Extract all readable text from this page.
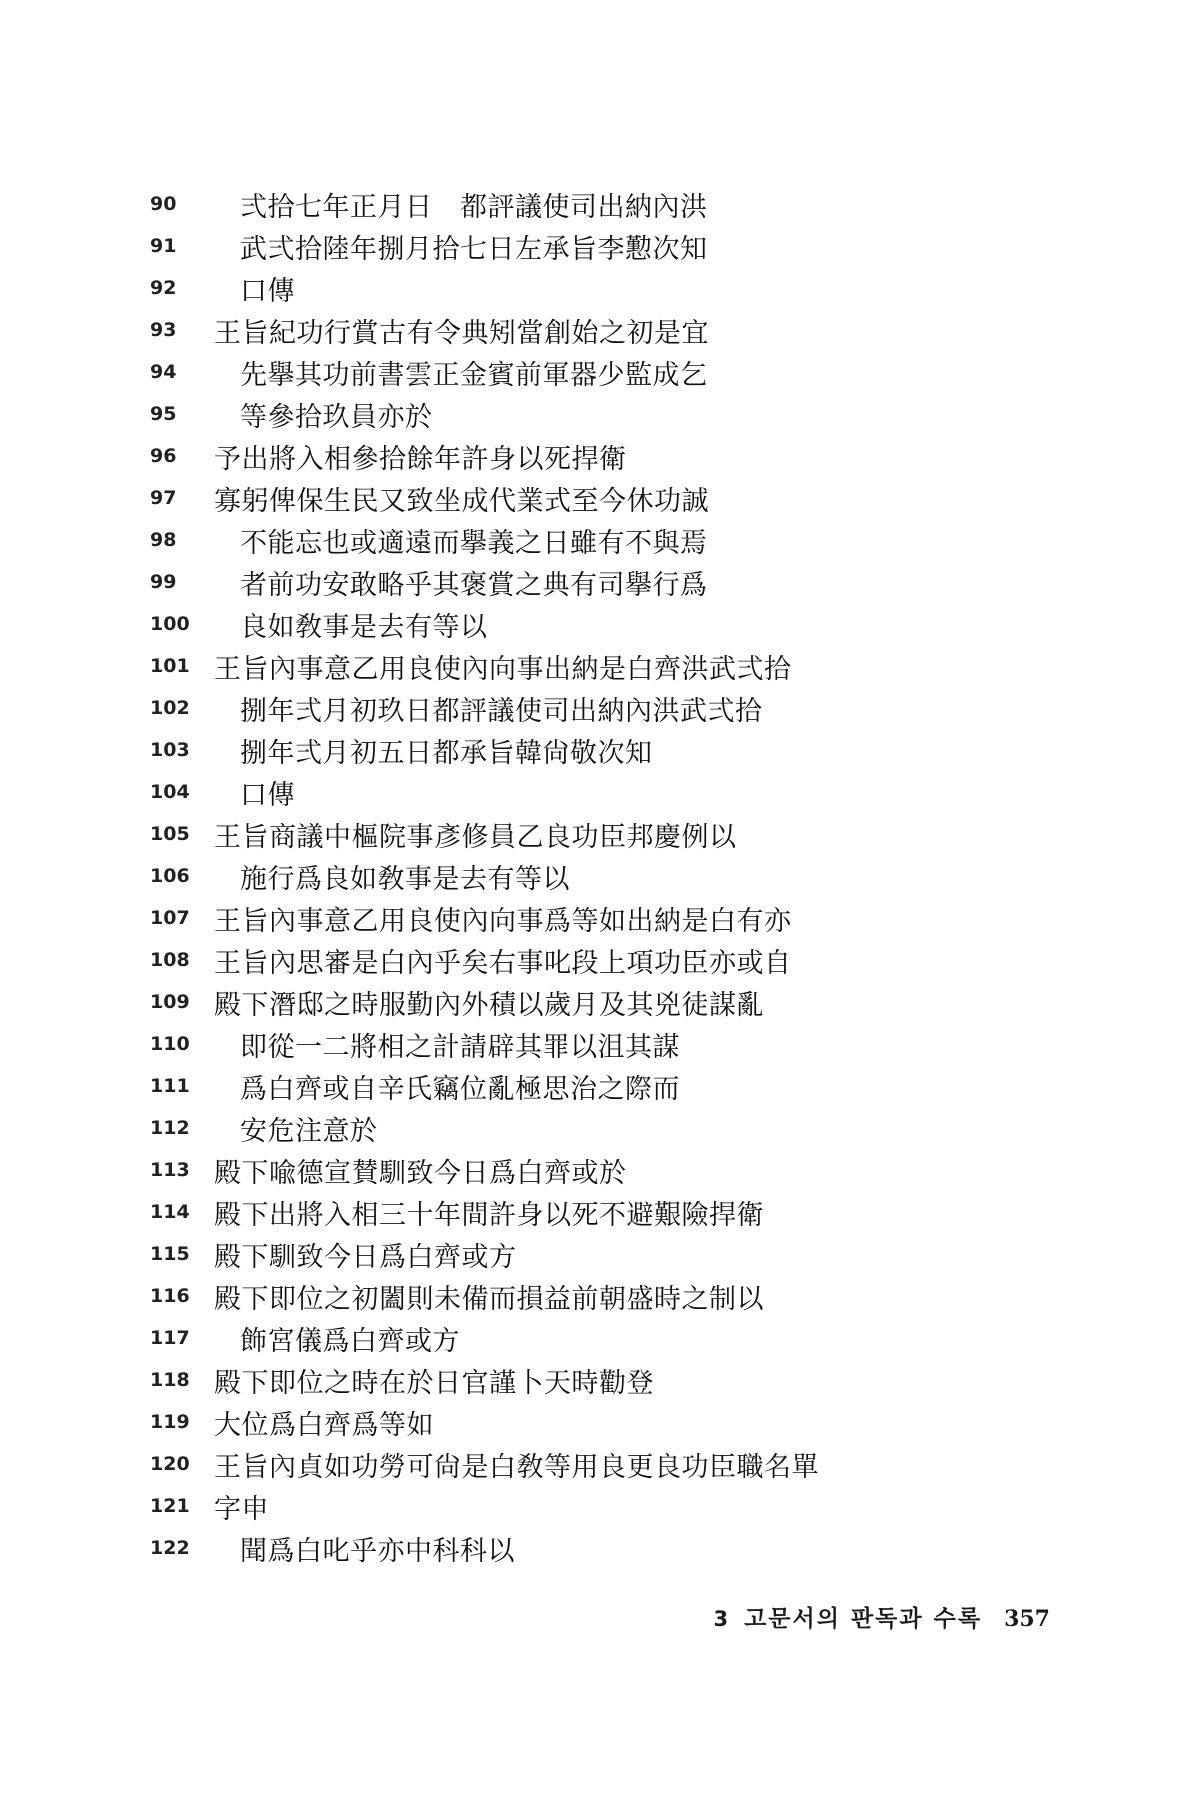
90	弍拾七年正月日　都評議使司出納內洪
91	武弍拾陸年捌月拾七日左承旨李懃次知
92	口傳
93	王旨紀功行賞古有令典矧當創始之初是宜
94	先擧其功前書雲正金賓前軍器少監成乞
95	等參拾玖員亦於
96	予出將入相參拾餘年許身以死捍衛
97	寡躬俾保生民又致坐成代業式至今休功誠
98	不能忘也或適遠而擧義之日雖有不與焉
99	者前功安敢略乎其褒賞之典有司擧行爲
100	良如敎事是去有等以
101 王旨內事意乙用良使內向事出納是白齊洪武弍拾
102	捌年弍月初玖日都評議使司出納內洪武弍拾
103	捌年弍月初五日都承旨韓尙敬次知
104	口傳
105 王旨商議中樞院事彥修員乙良功臣邦慶例以
106	施行爲良如敎事是去有等以
107 王旨內事意乙用良使內向事爲等如出納是白有亦
108 王旨內思審是白內乎矣右事叱段上項功臣亦或自
109 殿下潛邸之時服勤內外積以歲月及其兇徒謀亂
110	即從一二將相之計請辟其罪以沮其謀
111	爲白齊或自辛氏竊位亂極思治之際而
112	安危注意於
113 殿下喩德宣賛馴致今日爲白齊或於
114 殿下出將入相三十年間許身以死不避艱險捍衛
115 殿下馴致今日爲白齊或方
116 殿下即位之初闔則未備而損益前朝盛時之制以
117	飾宮儀爲白齊或方
118 殿下即位之時在於日官謹卜天時勸登
119 大位爲白齊爲等如
120 王旨內貞如功勞可尙是白敎等用良更良功臣職名單
121 字申
122	聞爲白叱乎亦中科科以
3 고문서의 판독과 수록 357
